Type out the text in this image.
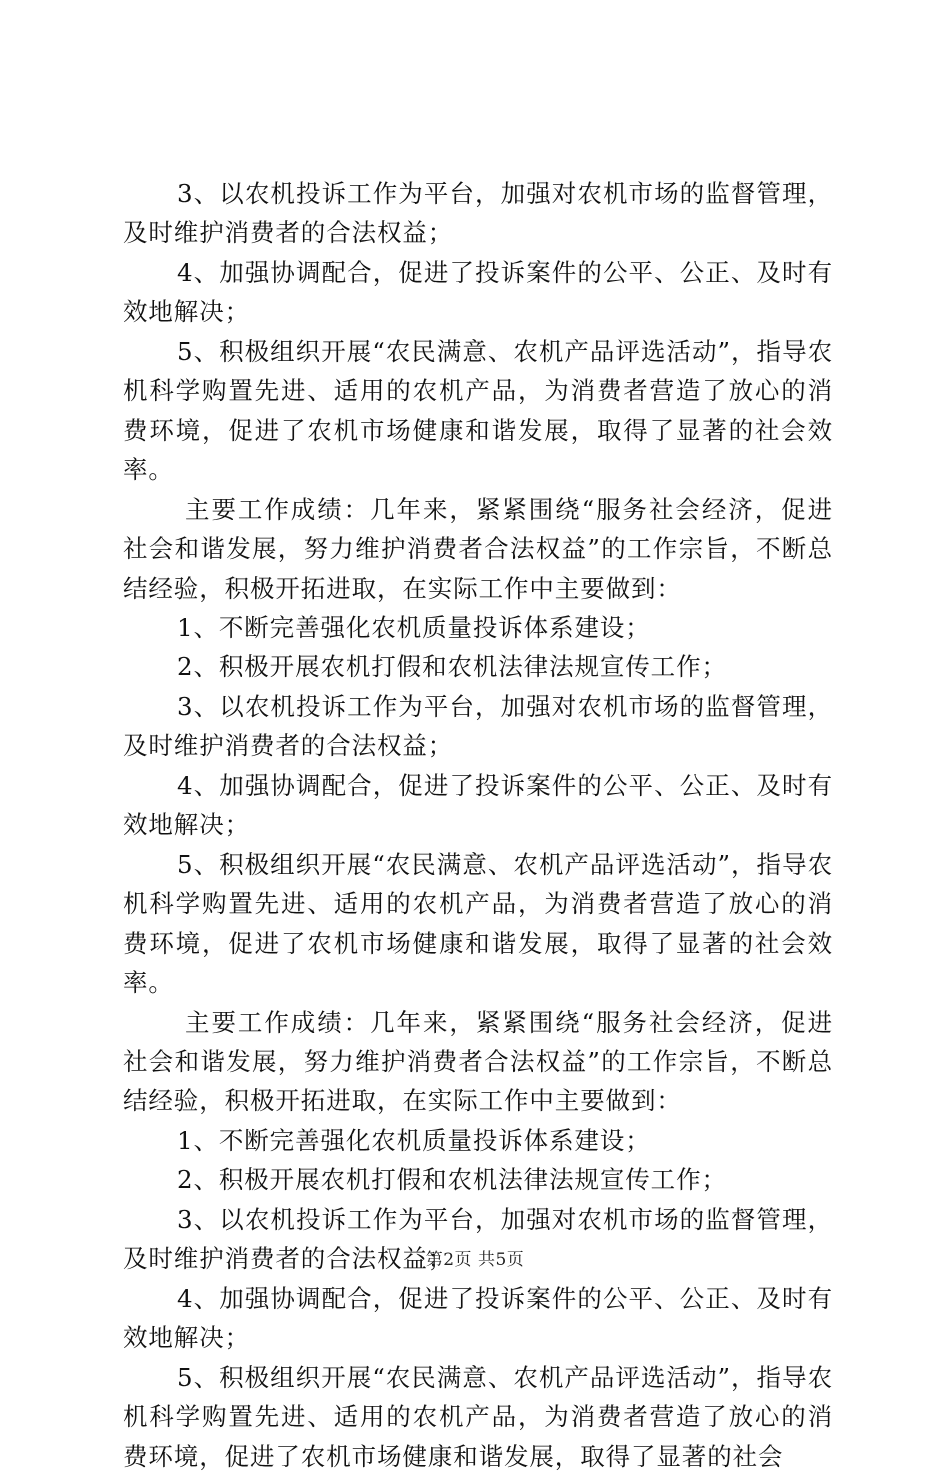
3、以农机投诉工作为平台，加强对农机市场的监督管理，及时维护消费者的合法权益；

4、加强协调配合，促进了投诉案件的公平、公正、及时有效地解决；

5、积极组织开展“农民满意、农机产品评选活动”，指导农机科学购置先进、适用的农机产品，为消费者营造了放心的消费环境，促进了农机市场健康和谐发展，取得了显著的社会效率。

主要工作成绩：几年来，紧紧围绕“服务社会经济，促进社会和谐发展，努力维护消费者合法权益”的工作宗旨，不断总结经验，积极开拓进取，在实际工作中主要做到：

1、不断完善强化农机质量投诉体系建设；

2、积极开展农机打假和农机法律法规宣传工作；

3、以农机投诉工作为平台，加强对农机市场的监督管理，及时维护消费者的合法权益；

4、加强协调配合，促进了投诉案件的公平、公正、及时有效地解决；

5、积极组织开展“农民满意、农机产品评选活动”，指导农机科学购置先进、适用的农机产品，为消费者营造了放心的消费环境，促进了农机市场健康和谐发展，取得了显著的社会效率。

主要工作成绩：几年来，紧紧围绕“服务社会经济，促进社会和谐发展，努力维护消费者合法权益”的工作宗旨，不断总结经验，积极开拓进取，在实际工作中主要做到：

1、不断完善强化农机质量投诉体系建设；

2、积极开展农机打假和农机法律法规宣传工作；

3、以农机投诉工作为平台，加强对农机市场的监督管理，及时维护消费者的合法权益；

4、加强协调配合，促进了投诉案件的公平、公正、及时有效地解决；

5、积极组织开展“农民满意、农机产品评选活动”，指导农机科学购置先进、适用的农机产品，为消费者营造了放心的消费环境，促进了农机市场健康和谐发展，取得了显著的社会

第2页 共5页
